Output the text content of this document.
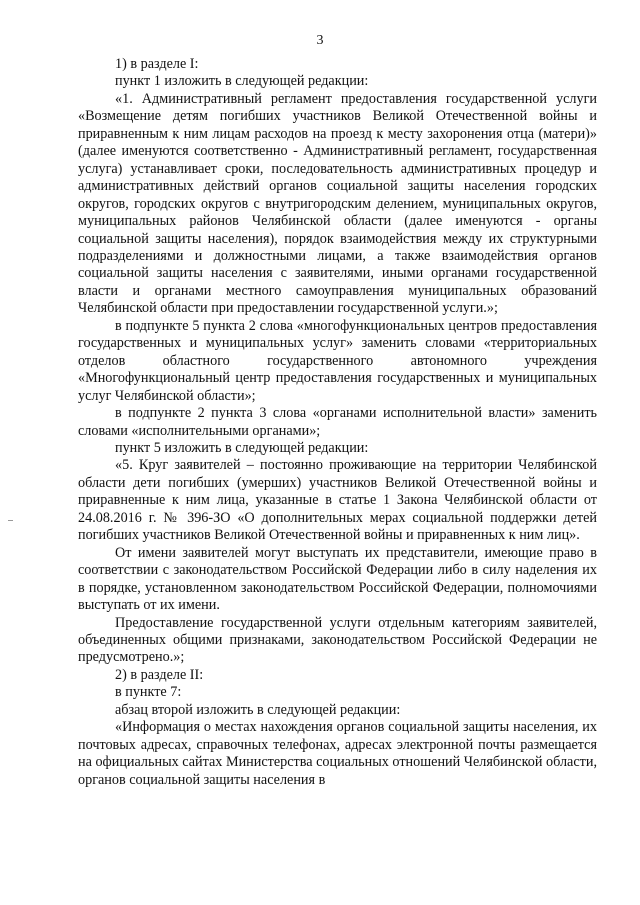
3

1) в разделе I:

пункт 1 изложить в следующей редакции:

«1. Административный регламент предоставления государственной услуги «Возмещение детям погибших участников Великой Отечественной войны и приравненным к ним лицам расходов на проезд к месту захоронения отца (матери)» (далее именуются соответственно - Административный регламент, государственная услуга) устанавливает сроки, последовательность административных процедур и административных действий органов социальной защиты населения городских округов, городских округов с внутригородским делением, муниципальных округов, муниципальных районов Челябинской области (далее именуются - органы социальной защиты населения), порядок взаимодействия между их структурными подразделениями и должностными лицами, а также взаимодействия органов социальной защиты населения с заявителями, иными органами государственной власти и органами местного самоуправления муниципальных образований Челябинской области при предоставлении государственной услуги.»;

в подпункте 5 пункта 2 слова «многофункциональных центров предоставления государственных и муниципальных услуг» заменить словами «территориальных отделов областного государственного автономного учреждения «Многофункциональный центр предоставления государственных и муниципальных услуг Челябинской области»;

в подпункте 2 пункта 3 слова «органами исполнительной власти» заменить словами «исполнительными органами»;

пункт 5 изложить в следующей редакции:

«5. Круг заявителей – постоянно проживающие на территории Челябинской области дети погибших (умерших) участников Великой Отечественной войны и приравненные к ним лица, указанные в статье 1 Закона Челябинской области от 24.08.2016 г. № 396-ЗО «О дополнительных мерах социальной поддержки детей погибших участников Великой Отечественной войны и приравненных к ним лиц».

От имени заявителей могут выступать их представители, имеющие право в соответствии с законодательством Российской Федерации либо в силу наделения их в порядке, установленном законодательством Российской Федерации, полномочиями выступать от их имени.

Предоставление государственной услуги отдельным категориям заявителей, объединенных общими признаками, законодательством Российской Федерации не предусмотрено.»;

2) в разделе II:

в пункте 7:

абзац второй изложить в следующей редакции:

«Информация о местах нахождения органов социальной защиты населения, их почтовых адресах, справочных телефонах, адресах электронной почты размещается на официальных сайтах Министерства социальных отношений Челябинской области, органов социальной защиты населения в
